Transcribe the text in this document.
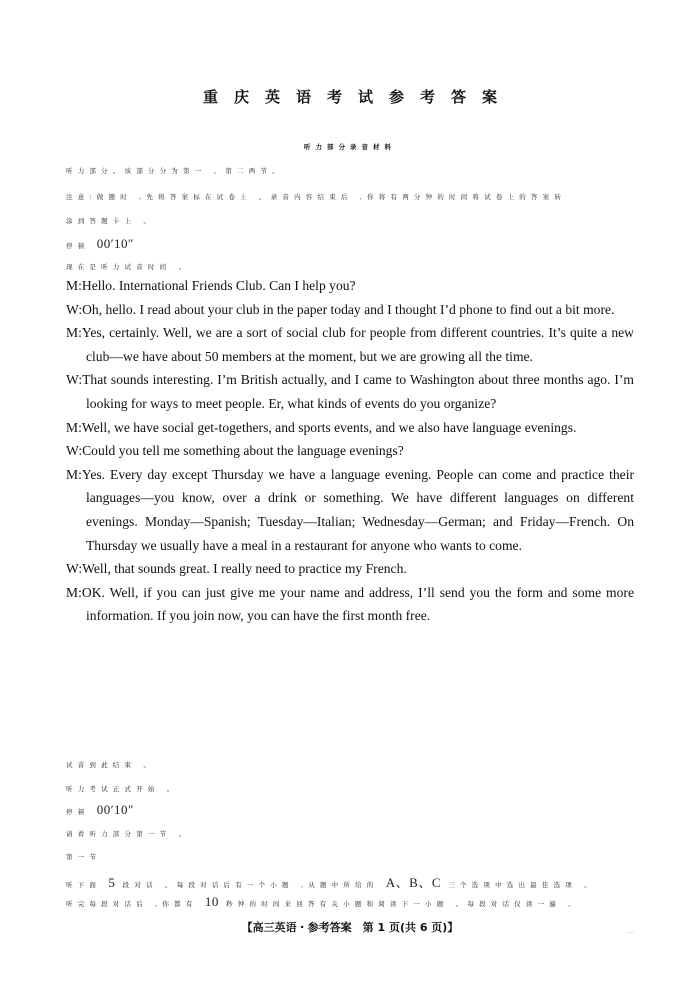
重庆英语考试参考答案
听力部分录音材料
听力部分。该部分分为第一 、第二两节。
注意:做题时 ,先将答案标在试卷上 。录音内容结束后 ,你将有两分钟的时间将试卷上的答案转
涂到答题卡上 。
停顿 00′10″
现在是听力试音时间 。

M:Hello. International Friends Club. Can I help you?

W:Oh, hello. I read about your club in the paper today and I thought I’d phone to find out a bit more.

M:Yes, certainly. Well, we are a sort of social club for people from different countries. It’s quite a new club—we have about 50 members at the moment, but we are growing all the time.

W:That sounds interesting. I’m British actually, and I came to Washington about three months ago. I’m looking for ways to meet people. Er, what kinds of events do you organize?

M:Well, we have social get-togethers, and sports events, and we also have language evenings.

W:Could you tell me something about the language evenings?

M:Yes. Every day except Thursday we have a language evening. People can come and practice their languages—you know, over a drink or something. We have different languages on different evenings. Monday—Spanish; Tuesday—Italian; Wednesday—German; and Friday—French. On Thursday we usually have a meal in a restaurant for anyone who wants to come.

W:Well, that sounds great. I really need to practice my French.

M:OK. Well, if you can just give me your name and address, I’ll send you the form and some more information. If you join now, you can have the first month free.

试音到此结束 。
听力考试正式开始 。
停顿 00′10″
请看听力部分第一节 。
第一节
听下面 5 段对话 。每段对话后有一个小题 ,从题中所给的 A、B、C 三个选项中选出最佳选项 。
听完每段对话后 ,你都有 10 秒钟的时间来回答有关小题和阅读下一小题 。每段对话仅读一遍 。
【高三英语・参考答案　第 1 页(共 6 页)】	...
